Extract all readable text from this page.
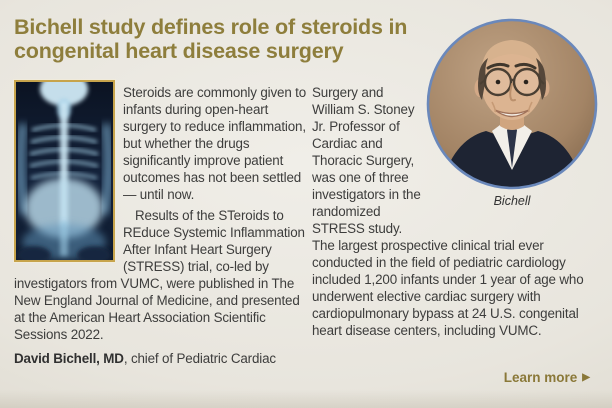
Bichell study defines role of steroids in congenital heart disease surgery

Steroids are commonly given to infants during open-heart surgery to reduce inflammation, but whether the drugs significantly improve patient outcomes has not been settled — until now.

Results of the STeroids to REduce Systemic Inflammation After Infant Heart Surgery (STRESS) trial, co-led by investigators from VUMC, were published in The New England Journal of Medicine, and presented at the American Heart Association Scientific Sessions 2022.

David Bichell, MD, chief of Pediatric Cardiac

Bichell

Surgery and William S. Stoney Jr. Professor of Cardiac and Thoracic Surgery, was one of three investigators in the randomized STRESS study.

The largest prospective clinical trial ever conducted in the field of pediatric cardiology included 1,200 infants under 1 year of age who underwent elective cardiac surgery with cardiopulmonary bypass at 24 U.S. congenital heart disease centers, including VUMC.

Learn more ▶
